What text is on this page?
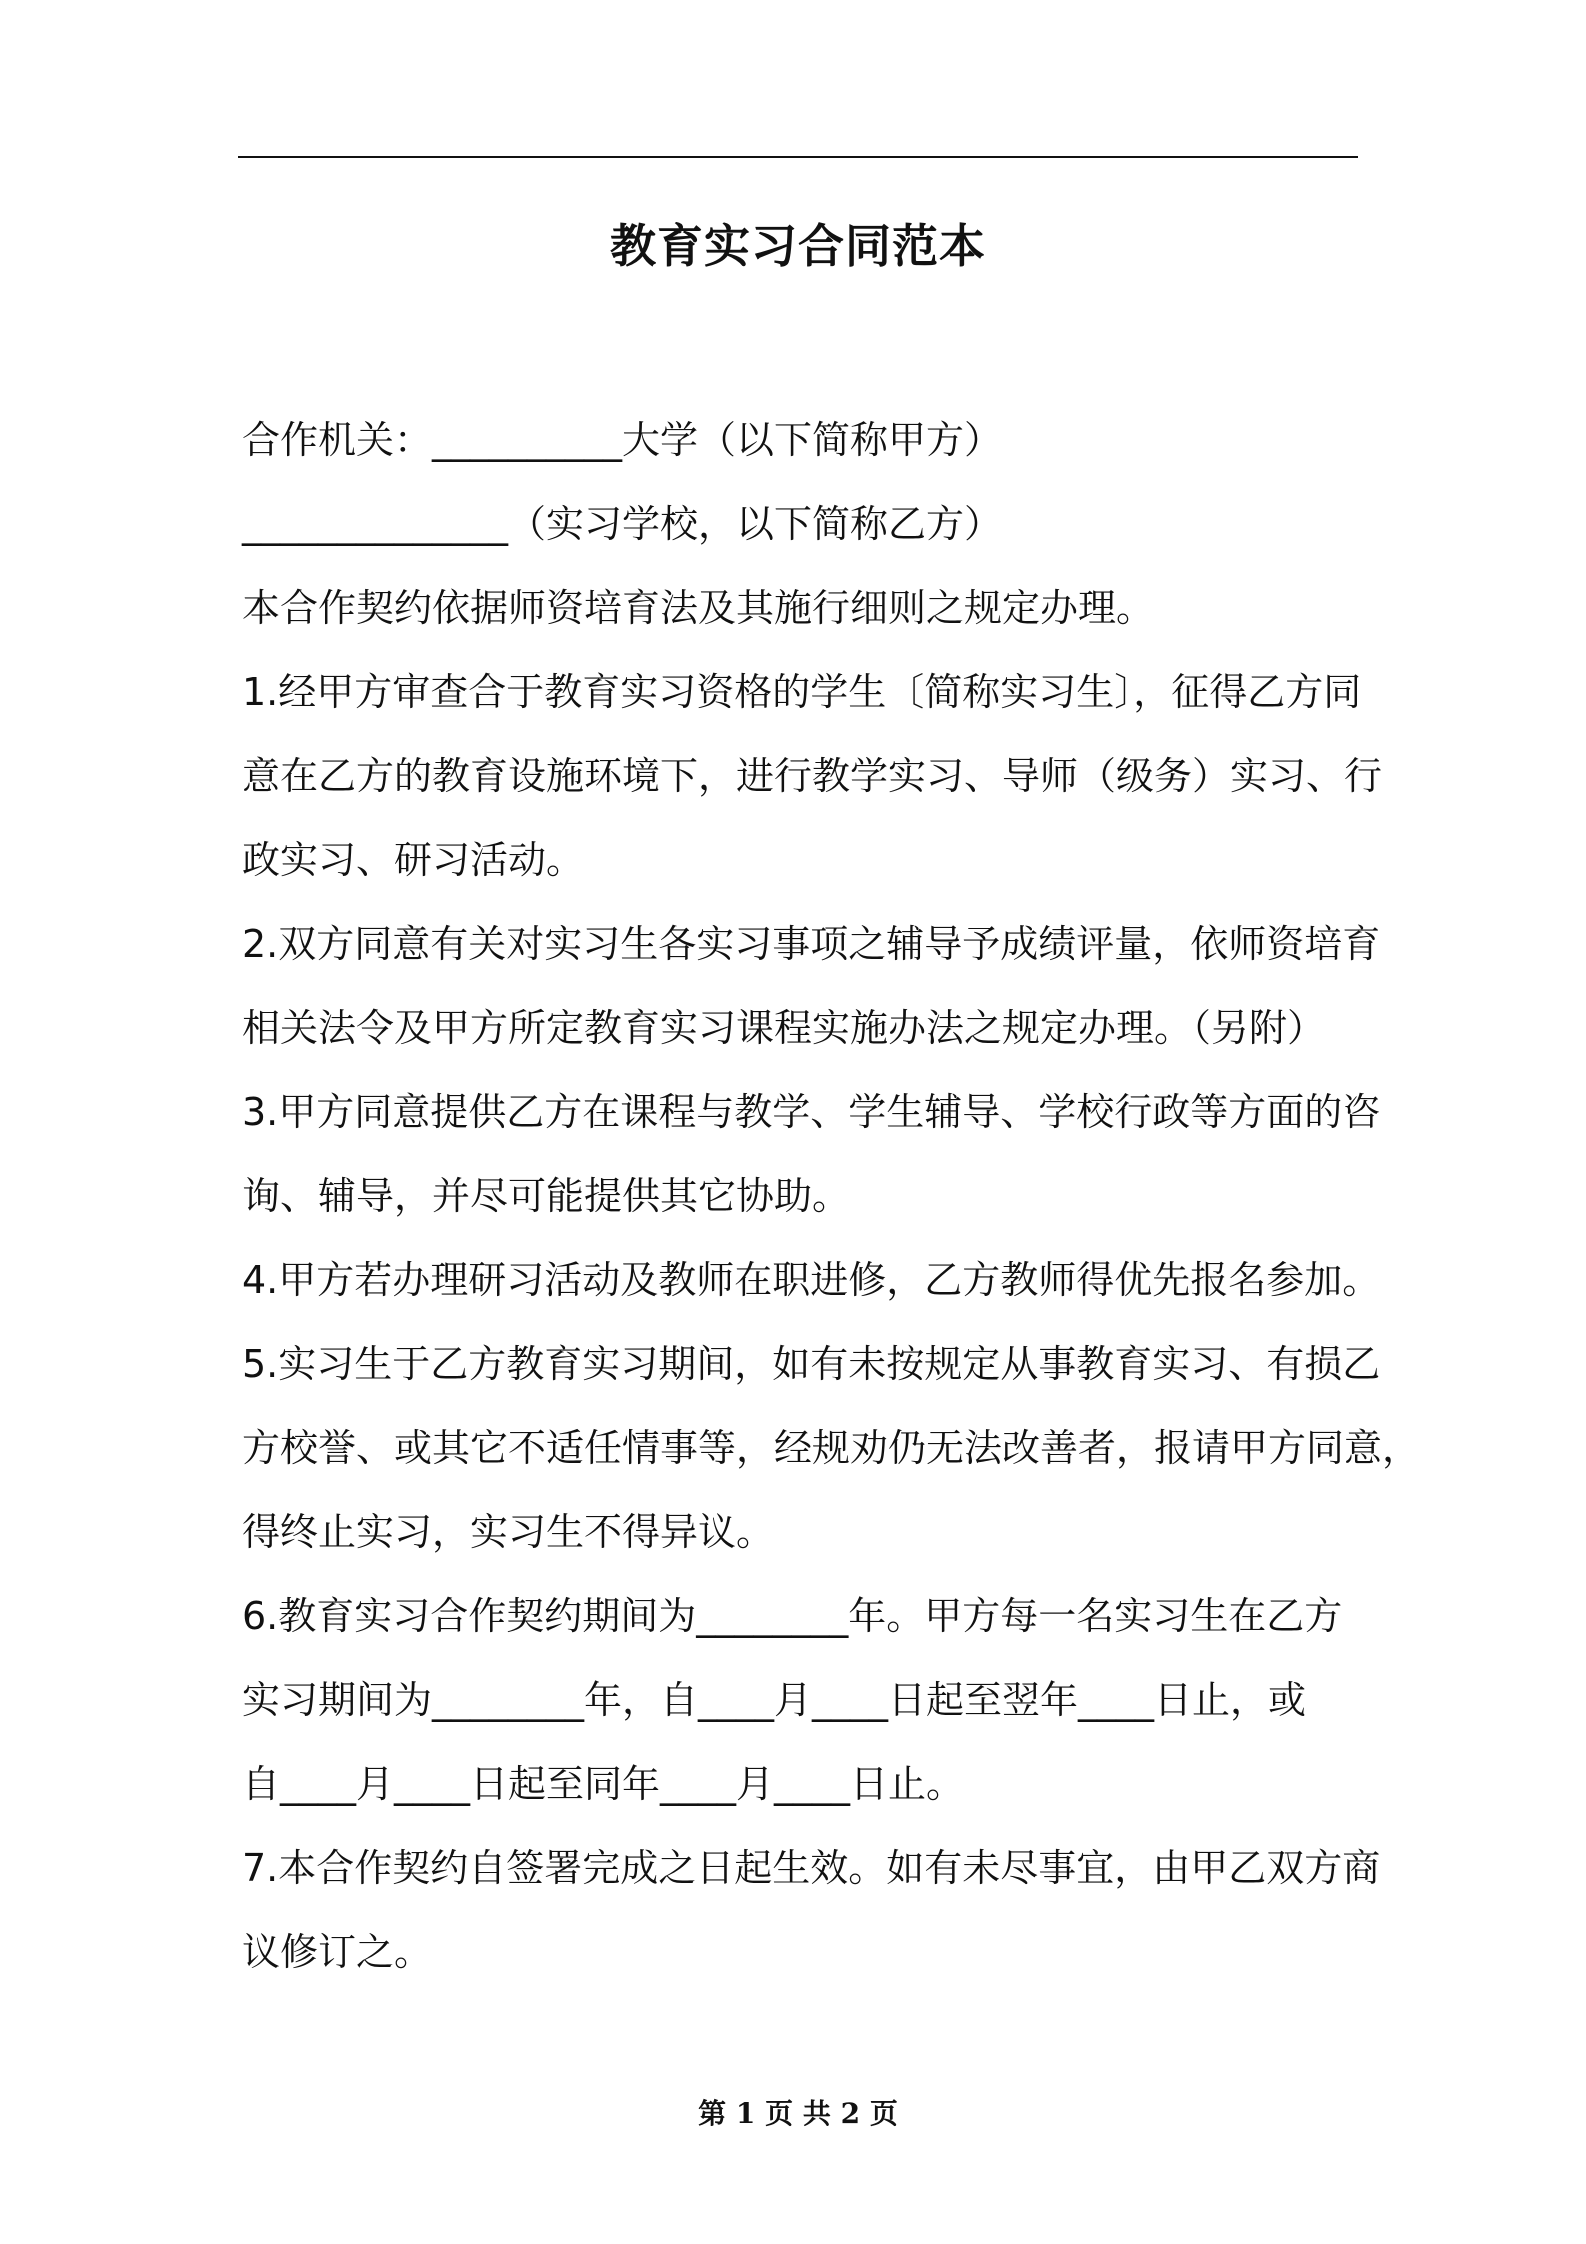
教育实习合同范本
合作机关：__________大学（以下简称甲方）
______________（实习学校，以下简称乙方）
本合作契约依据师资培育法及其施行细则之规定办理。
1.经甲方审查合于教育实习资格的学生〔简称实习生〕，征得乙方同
意在乙方的教育设施环境下，进行教学实习、导师（级务）实习、行
政实习、研习活动。
2.双方同意有关对实习生各实习事项之辅导予成绩评量，依师资培育
相关法令及甲方所定教育实习课程实施办法之规定办理。（另附）
3.甲方同意提供乙方在课程与教学、学生辅导、学校行政等方面的咨
询、辅导，并尽可能提供其它协助。
4.甲方若办理研习活动及教师在职进修，乙方教师得优先报名参加。
5.实习生于乙方教育实习期间，如有未按规定从事教育实习、有损乙
方校誉、或其它不适任情事等，经规劝仍无法改善者，报请甲方同意，
得终止实习，实习生不得异议。
6.教育实习合作契约期间为________年。甲方每一名实习生在乙方
实习期间为________年，自____月____日起至翌年____日止，或
自____月____日起至同年____月____日止。
7.本合作契约自签署完成之日起生效。如有未尽事宜，由甲乙双方商
议修订之。
第 1 页 共 2 页
